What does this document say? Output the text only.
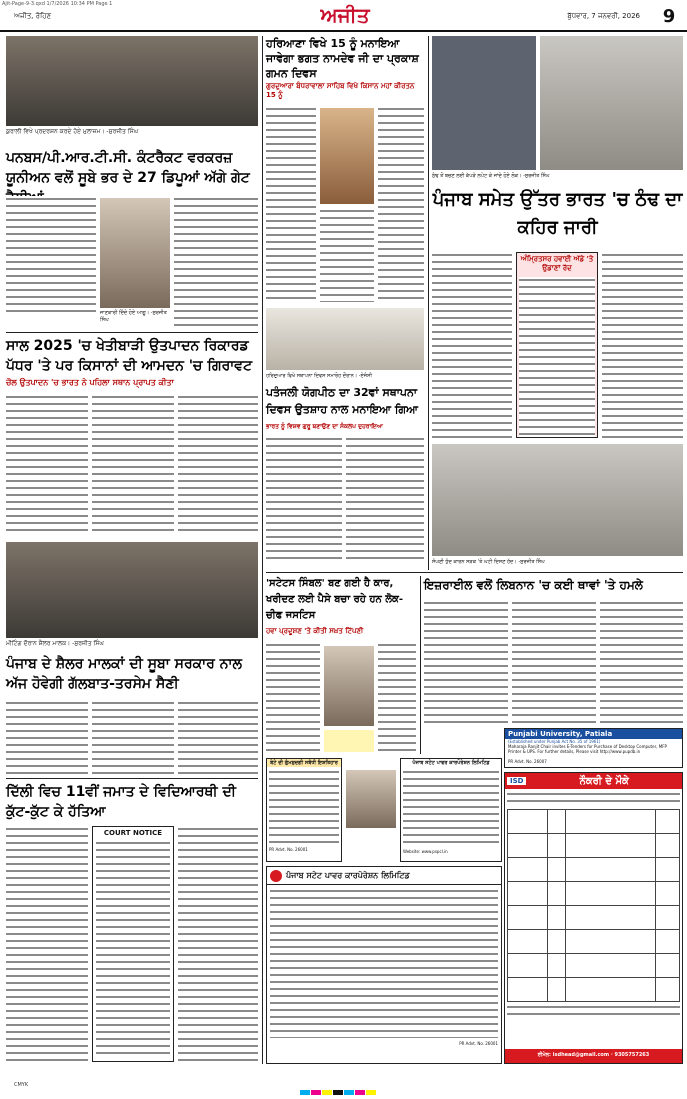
Ajit-Page-9-3.qxd 1/7/2026 10:34 PM Page 1
ਅਜੀਤ, ਰੋਹਿਣ	ਅਜੀਤ	ਬੁੱਧਵਾਰ, 7 ਜਨਵਰੀ, 2026	9
ਕੁਰਾਲੀ ਵਿਖੇ ਪ੍ਰਦਰਸ਼ਨ ਕਰਦੇ ਹੋਏ ਮੁਲਾਜ਼ਮ। -ਸੁਰਜੀਤ ਸਿੰਘ
ਪਨਬਸ/ਪੀ.ਆਰ.ਟੀ.ਸੀ. ਕੰਟਰੈਕਟ ਵਰਕਰਜ਼ ਯੂਨੀਅਨ ਵਲੋਂ ਸੂਬੇ ਭਰ ਦੇ 27 ਡਿਪੂਆਂ ਅੱਗੇ ਗੇਟ
ਜਾਣਕਾਰੀ ਦਿੰਦੇ ਹੋਏ ਆਗੂ। -ਸੁਰਜੀਤ ਸਿੰਘ
ਸਾਲ 2025 'ਚ ਖੇਤੀਬਾੜੀ ਉਤਪਾਦਨ ਰਿਕਾਰਡ ਪੱਧਰ 'ਤੇ ਪਰ ਕਿਸਾਨਾਂ ਦੀ ਆਮਦਨ 'ਚ ਗਿਰਾਵਟ
ਚੌਲ ਉਤਪਾਦਨ 'ਚ ਭਾਰਤ ਨੇ ਪਹਿਲਾ ਸਥਾਨ ਪ੍ਰਾਪਤ ਕੀਤਾ
ਮੀਟਿੰਗ ਦੌਰਾਨ ਸ਼ੈਲਰ ਮਾਲਕ। -ਸੁਰਜੀਤ ਸਿੰਘ
ਪੰਜਾਬ ਦੇ ਸ਼ੈਲਰ ਮਾਲਕਾਂ ਦੀ ਸੂਬਾ ਸਰਕਾਰ ਨਾਲ ਅੱਜ ਹੋਵੇਗੀ ਗੱਲਬਾਤ-ਤਰਸੇਮ ਸੈਣੀ
ਦਿੱਲੀ ਵਿਚ 11ਵੀਂ ਜਮਾਤ ਦੇ ਵਿਦਿਆਰਥੀ ਦੀ ਕੁੱਟ-ਕੁੱਟ ਕੇ ਹੱਤਿਆ
COURT NOTICE
ਹਰਿਆਣਾ ਵਿਖੇ 15 ਨੂੰ ਮਨਾਇਆ ਜਾਵੇਗਾ ਭਗਤ ਨਾਮਦੇਵ ਜੀ ਦਾ ਪ੍ਰਕਾਸ਼ ਗਮਨ ਦਿਵਸ
ਗੁਰਦੁਆਰਾ ਬੰਧਰਾਵਾਲਾ ਸਾਹਿਬ ਵਿਖੇ ਕਿਸਾਨ ਮਹਾਂ ਕੀਰਤਨ 15 ਨੂੰ
ਹਰਿਦੁਆਰ ਵਿਖੇ ਸਥਾਪਨਾ ਦਿਵਸ ਸਮਾਰੋਹ ਦੌਰਾਨ। -ਏਜੰਸੀ
ਪਤੰਜਲੀ ਯੋਗਪੀਠ ਦਾ 32ਵਾਂ ਸਥਾਪਨਾ ਦਿਵਸ ਉਤਸ਼ਾਹ ਨਾਲ ਮਨਾਇਆ ਗਿਆ
ਭਾਰਤ ਨੂੰ ਵਿਸ਼ਵ ਗੁਰੂ ਬਣਾਉਣ ਦਾ ਸੰਕਲਪ ਦੁਹਰਾਇਆ
ਠੰਢ ਤੋਂ ਬਚਣ ਲਈ ਕੱਪੜੇ ਲਪੇਟ ਕੇ ਜਾਂਦੇ ਹੋਏ ਲੋਕ। -ਸੁਰਜੀਤ ਸਿੰਘ
ਪੰਜਾਬ ਸਮੇਤ ਉੱਤਰ ਭਾਰਤ 'ਚ ਠੰਢ ਦਾ ਕਹਿਰ ਜਾਰੀ
ਅੰਮ੍ਰਿਤਸਰ ਹਵਾਈ ਅੱਡੇ 'ਤੇ ਉਡਾਣਾਂ ਰੱਦ
ਸੰਘਣੀ ਧੁੰਦ ਕਾਰਨ ਸੜਕ 'ਤੇ ਘਟੀ ਦਿਸਣ ਹੱਦ। -ਸੁਰਜੀਤ ਸਿੰਘ
'ਸਟੇਟਸ ਸਿੰਬਲ' ਬਣ ਗਈ ਹੈ ਕਾਰ, ਖਰੀਦਣ ਲਈ ਪੈਸੇ ਬਚਾ ਰਹੇ ਹਨ ਲੋਕ-ਚੀਫ ਜਸਟਿਸ
ਹਵਾ ਪ੍ਰਦੂਸ਼ਣ 'ਤੇ ਕੀਤੀ ਸਖ਼ਤ ਟਿੱਪਣੀ
ਇਜ਼ਰਾਈਲ ਵਲੋਂ ਲਿਬਨਾਨ 'ਚ ਕਈ ਥਾਵਾਂ 'ਤੇ ਹਮਲੇ
Punjabi University, Patiala
(Established under Punjab Act No. 35 of 1961)
Maharaja Ranjit Chair invites E-Tenders for Purchase of Desktop Computer, MFP Printer & UPS. For further details, Please visit http://www.pupdb.in
PR Advt. No. 26007
ਬੇਟੇ ਦੀ ਗੁੰਮਸ਼ੁਦਗੀ ਸਬੰਧੀ ਇਸ਼ਤਿਹਾਰ
PR Advt. No. 26001
ਪੰਜਾਬ ਸਟੇਟ ਪਾਵਰ ਕਾਰਪੋਰੇਸ਼ਨ ਲਿਮਿਟਿਡ
Website: www.pspcl.in
ISD	ਨੌਕਰੀ ਦੇ ਮੌਕੇ

ਈਮੇਲ: isdhead@gmail.com · 9305757263
ਪੰਜਾਬ ਸਟੇਟ ਪਾਵਰ ਕਾਰਪੋਰੇਸ਼ਨ ਲਿਮਿਟਿਡ
PR Advt. No. 26001
CMYK
